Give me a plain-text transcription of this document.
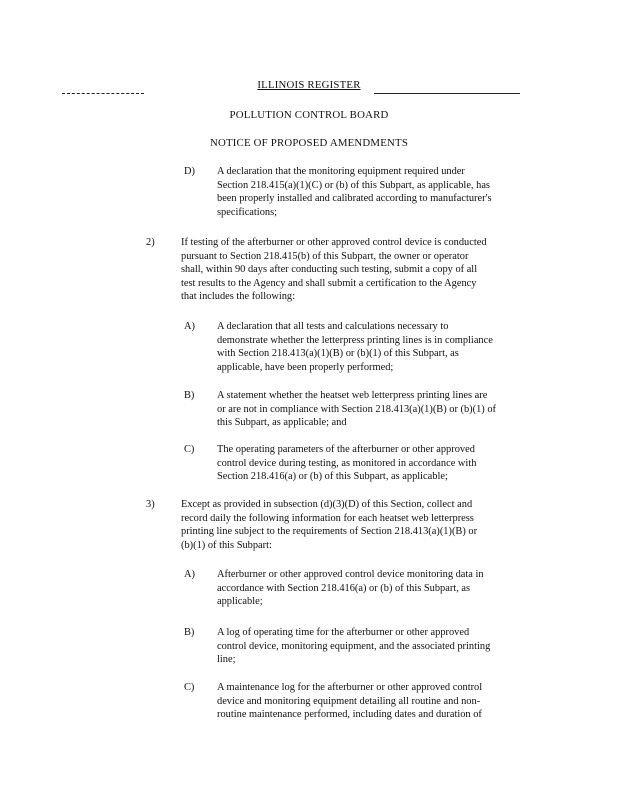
ILLINOIS REGISTER
POLLUTION CONTROL BOARD
NOTICE OF PROPOSED AMENDMENTS
D) A declaration that the monitoring equipment required under
Section 218.415(a)(1)(C) or (b) of this Subpart, as applicable, has
been properly installed and calibrated according to manufacturer's
specifications;
2)	If testing of the afterburner or other approved control device is conducted
pursuant to Section 218.415(b) of this Subpart, the owner or operator
shall, within 90 days after conducting such testing, submit a copy of all
test results to the Agency and shall submit a certification to the Agency
that includes the following:
A) A declaration that all tests and calculations necessary to
demonstrate whether the letterpress printing lines is in compliance
with Section 218.413(a)(1)(B) or (b)(1) of this Subpart, as
applicable, have been properly performed;
B) A statement whether the heatset web letterpress printing lines are
or are not in compliance with Section 218.413(a)(1)(B) or (b)(1) of
this Subpart, as applicable; and
C) The operating parameters of the afterburner or other approved
control device during testing, as monitored in accordance with
Section 218.416(a) or (b) of this Subpart, as applicable;
3)	Except as provided in subsection (d)(3)(D) of this Section, collect and
record daily the following information for each heatset web letterpress
printing line subject to the requirements of Section 218.413(a)(1)(B) or
(b)(1) of this Subpart:
A) Afterburner or other approved control device monitoring data in
accordance with Section 218.416(a) or (b) of this Subpart, as
applicable;
B) A log of operating time for the afterburner or other approved
control device, monitoring equipment, and the associated printing
line;
C) A maintenance log for the afterburner or other approved control
device and monitoring equipment detailing all routine and non-
routine maintenance performed, including dates and duration of
